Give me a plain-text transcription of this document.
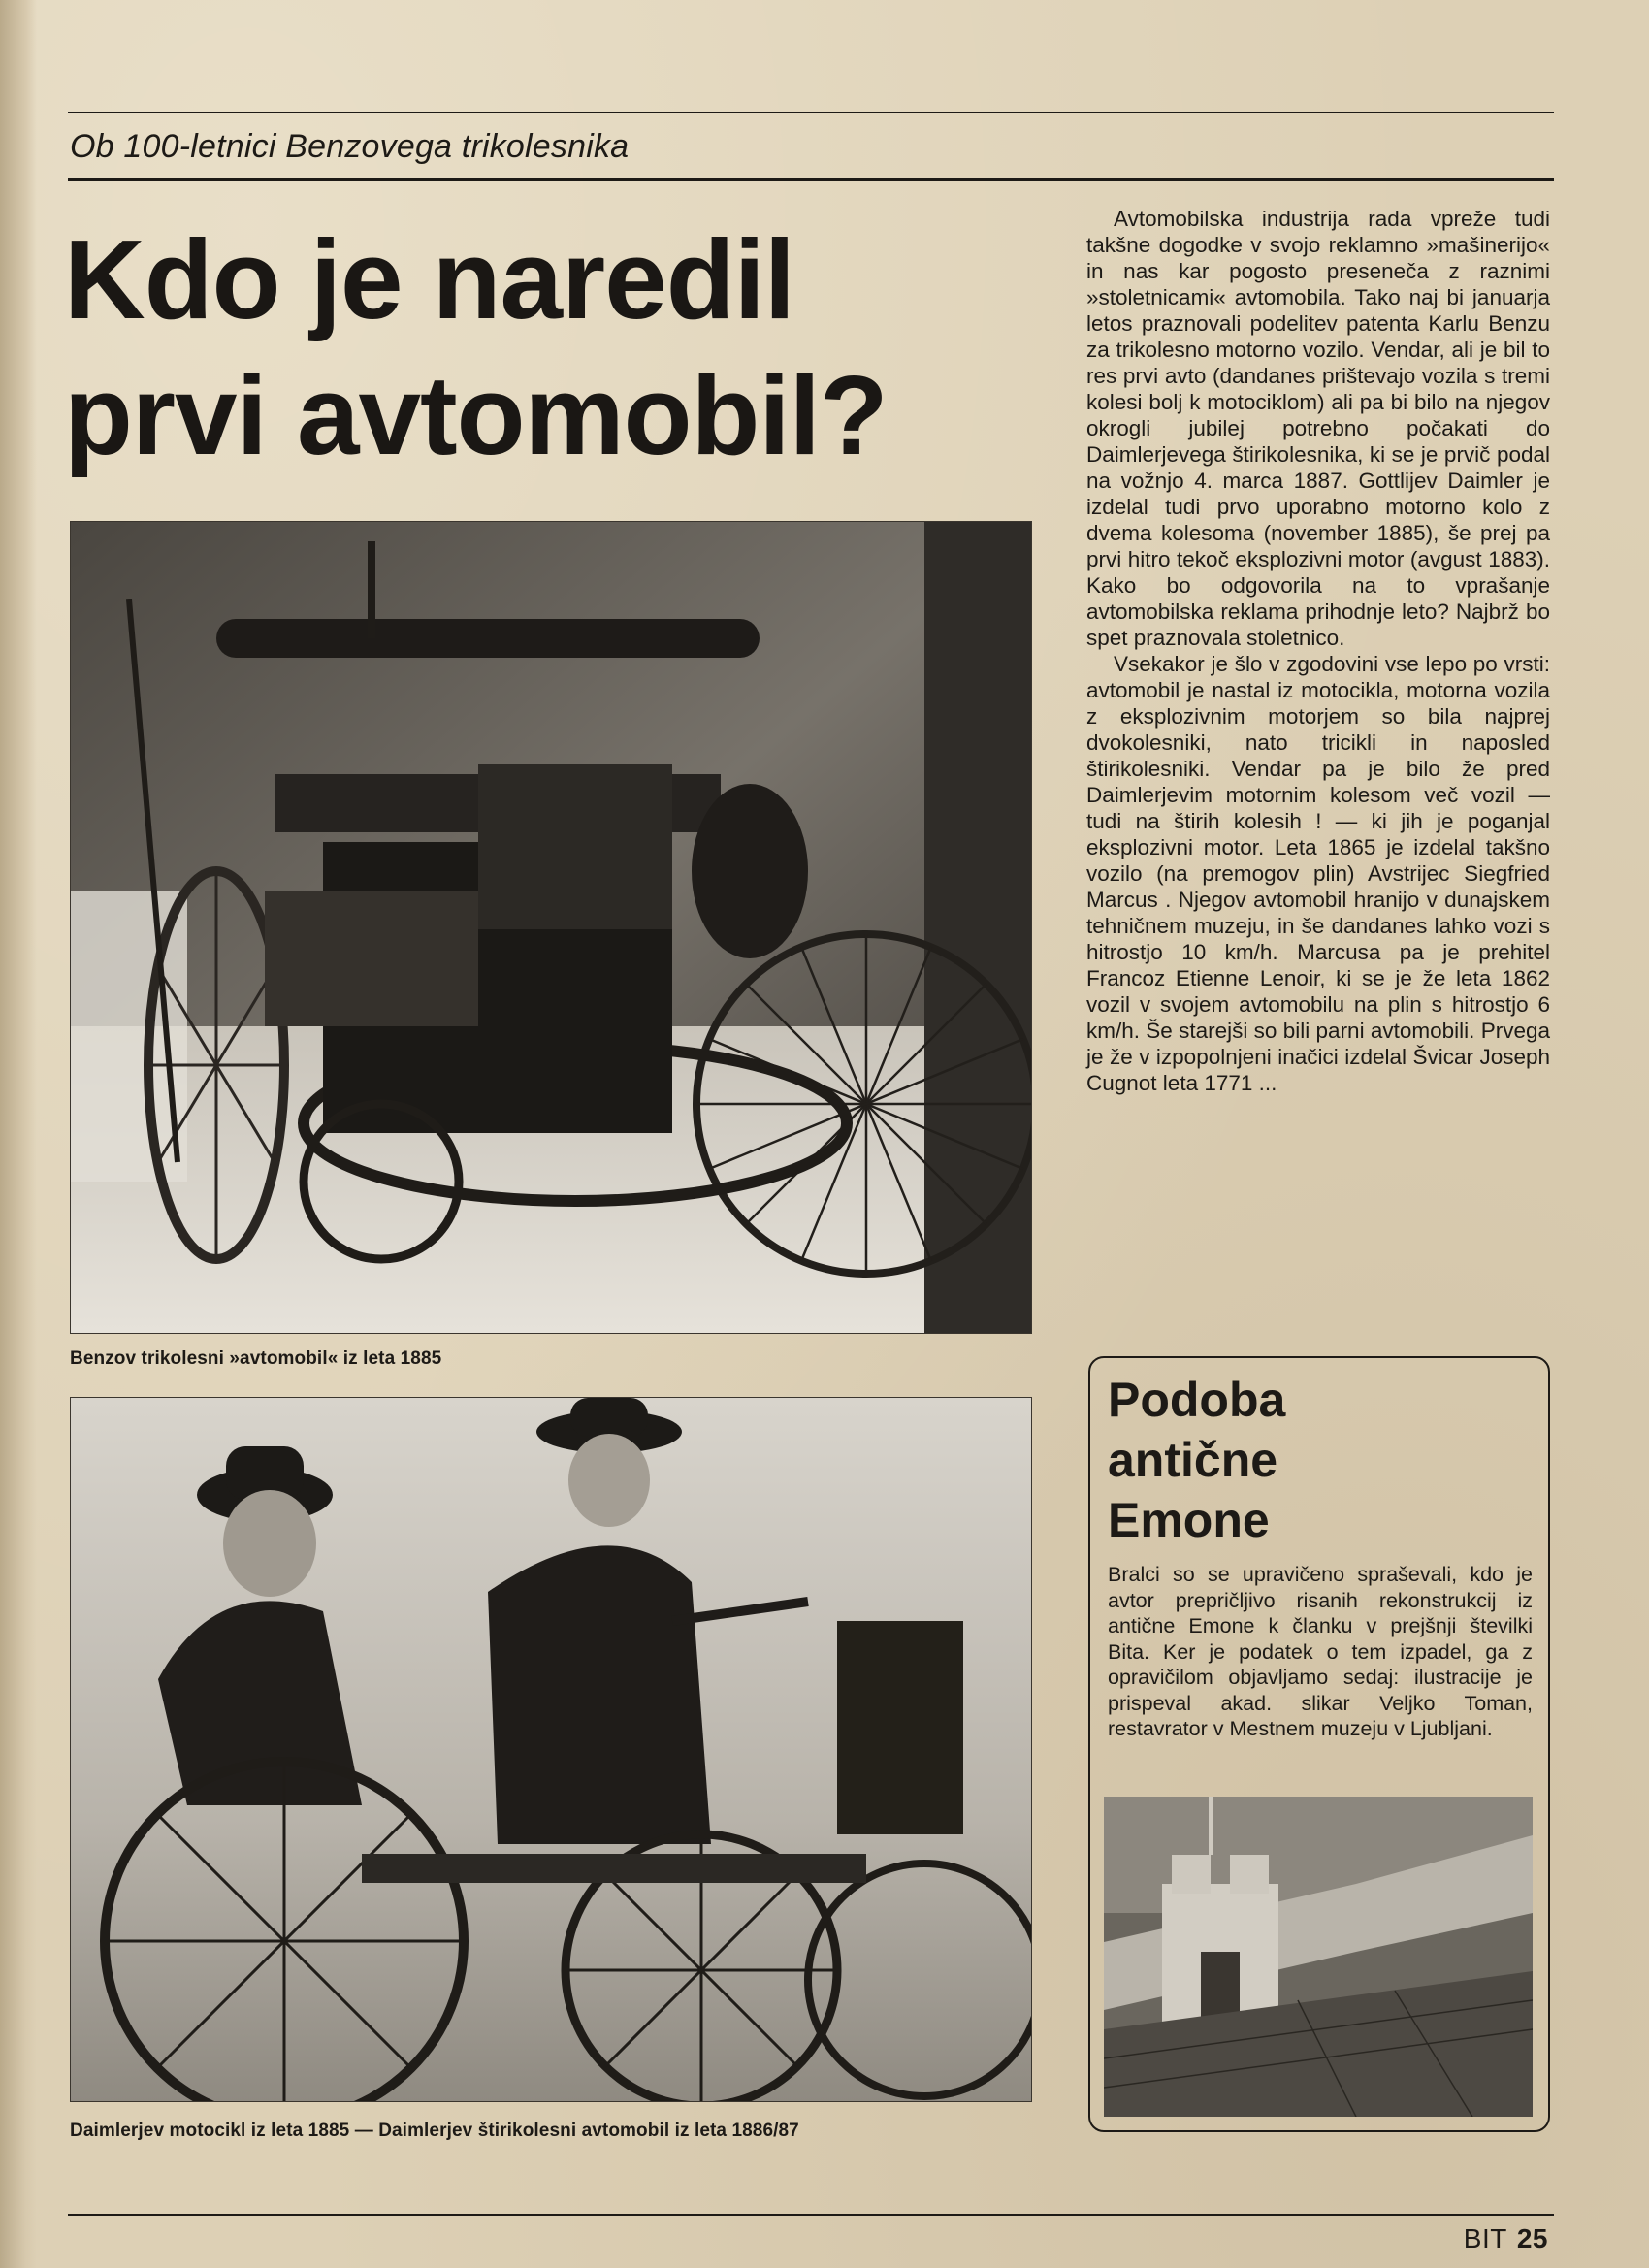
Ob 100-letnici Benzovega trikolesnika
Kdo je naredil
prvi avtomobil?
Benzov trikolesni »avtomobil« iz leta 1885
Daimlerjev motocikl iz leta 1885 — Daimlerjev štirikolesni avtomobil iz leta 1886/87

Avtomobilska industrija rada vpreže tudi takšne dogodke v svojo reklamno »mašinerijo« in nas kar pogosto preseneča z raznimi »stoletnicami« avtomobila. Tako naj bi januarja letos praznovali podelitev patenta Karlu Benzu za trikolesno motorno vozilo. Vendar, ali je bil to res prvi avto (dandanes prištevajo vozila s tremi kolesi bolj k motociklom) ali pa bi bilo na njegov okrogli jubilej potrebno počakati do Daimlerjevega štirikolesnika, ki se je prvič podal na vožnjo 4. marca 1887. Gottlijev Daimler je izdelal tudi prvo uporabno motorno kolo z dvema kolesoma (november 1885), še prej pa prvi hitro tekoč eksplozivni motor (avgust 1883). Kako bo odgovorila na to vprašanje avtomobilska reklama prihodnje leto? Najbrž bo spet praznovala stoletnico.

Vsekakor je šlo v zgodovini vse lepo po vrsti: avtomobil je nastal iz motocikla, motorna vozila z eksplozivnim motorjem so bila najprej dvokolesniki, nato tricikli in naposled štirikolesniki. Vendar pa je bilo že pred Daimlerjevim motornim kolesom več vozil — tudi na štirih kolesih ! — ki jih je poganjal eksplozivni motor. Leta 1865 je izdelal takšno vozilo (na premogov plin) Avstrijec Siegfried Marcus . Njegov avtomobil hranijo v dunajskem tehničnem muzeju, in še dandanes lahko vozi s hitrostjo 10 km/h. Marcusa pa je prehitel Francoz Etienne Lenoir, ki se je že leta 1862 vozil v svojem avtomobilu na plin s hitrostjo 6 km/h. Še starejši so bili parni avtomobili. Prvega je že v izpopolnjeni inačici izdelal Švicar Joseph Cugnot leta 1771 ...

Podoba
antične
Emone
Bralci so se upravičeno spraševali, kdo je avtor prepričljivo risanih rekonstrukcij iz antične Emone k članku v prejšnji številki Bita. Ker je podatek o tem izpadel, ga z opravičilom objavljamo sedaj: ilustracije je prispeval akad. slikar Veljko Toman, restavrator v Mestnem muzeju v Ljubljani.
BIT 25
